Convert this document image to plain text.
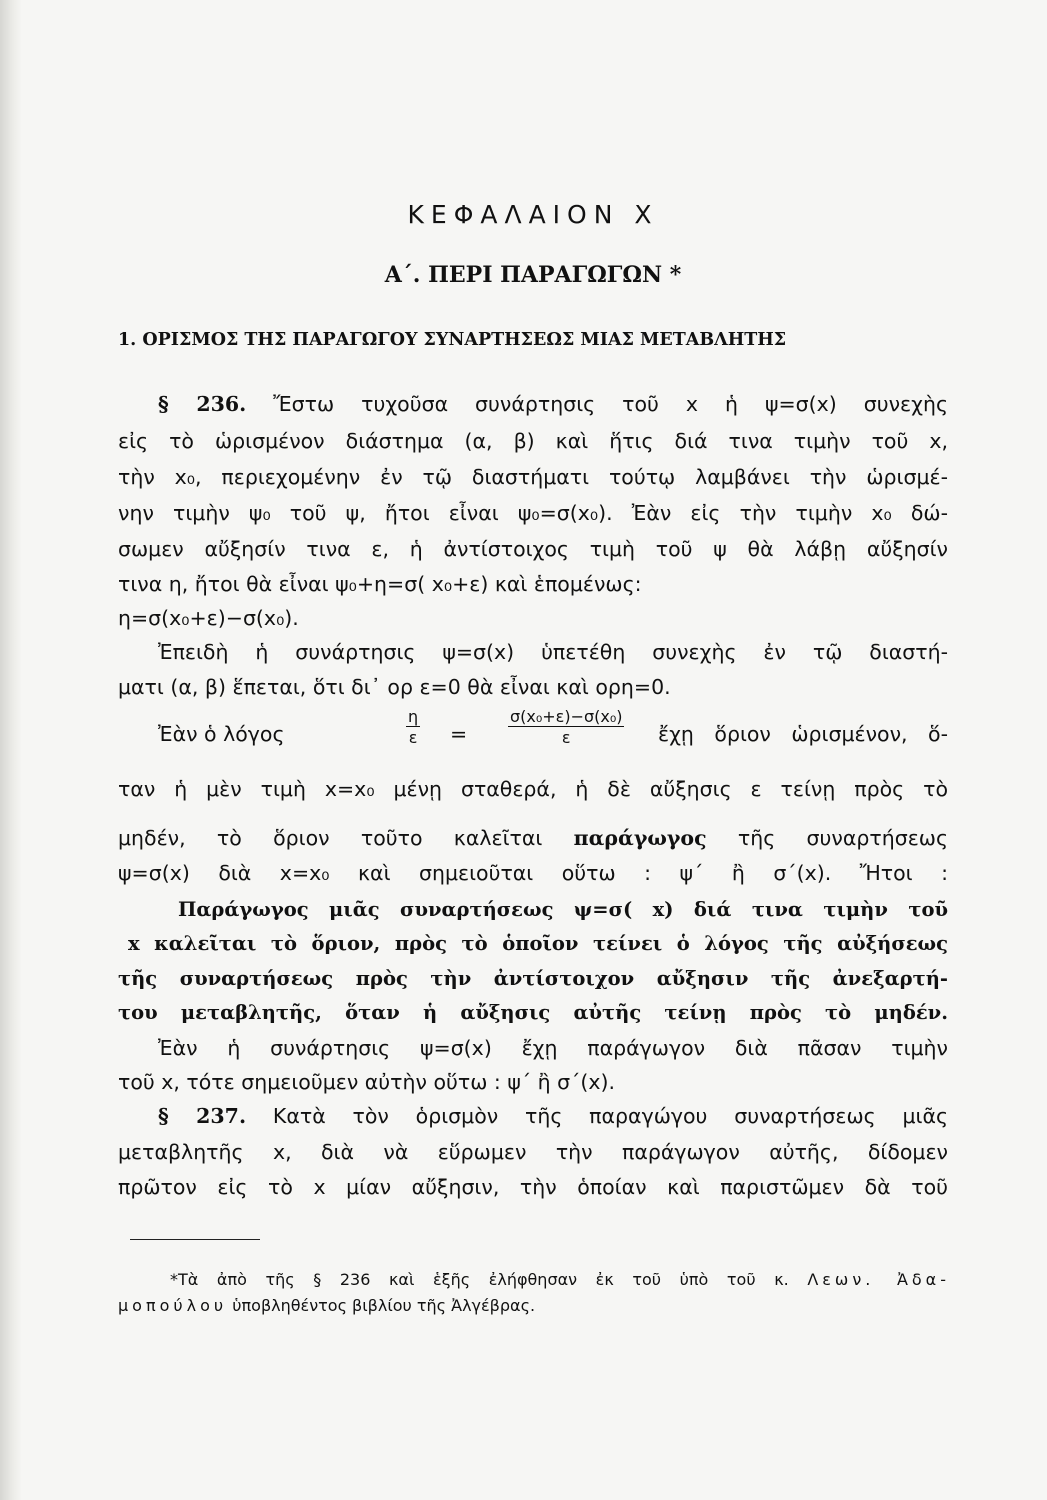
ΚΕΦΑΛΑΙΟΝ Χ
Α΄. ΠΕΡΙ ΠΑΡΑΓΩΓΩΝ *
1. ΟΡΙΣΜΟΣ ΤΗΣ ΠΑΡΑΓΩΓΟΥ ΣΥΝΑΡΤΗΣΕΩΣ ΜΙΑΣ ΜΕΤΑΒΛΗΤΗΣ
§ 236. Ἔστω τυχοῦσα συνάρτησις τοῦ x ἡ ψ=σ(x) συνεχὴς
εἰς τὸ ὡρισμένον διάστημα (α, β) καὶ ἥτις διά τινα τιμὴν τοῦ x,
τὴν x₀, περιεχομένην ἐν τῷ διαστήματι τούτῳ λαμβάνει τὴν ὡρισμέ-
νην τιμὴν ψ₀ τοῦ ψ, ἤτοι εἶναι ψ₀=σ(x₀). Ἐὰν εἰς τὴν τιμὴν x₀ δώ-
σωμεν αὔξησίν τινα ε, ἡ ἀντίστοιχος τιμὴ τοῦ ψ θὰ λάβῃ αὔξησίν
τινα η, ἤτοι θὰ εἶναι ψ₀+η=σ( x₀+ε) καὶ ἑπομένως:
η=σ(x₀+ε)−σ(x₀).
Ἐπειδὴ ἡ συνάρτησις ψ=σ(x) ὑπετέθη συνεχὴς ἐν τῷ διαστή-
ματι (α, β) ἕπεται, ὅτι δι᾽ ορ ε=0 θὰ εἶναι καὶ ορη=0.
Ἐὰν ὁ λόγος	$\frac{\eta}{\varepsilon}$ =	$\frac{\text{σ(x₀+ε)−σ(x₀)}}{\varepsilon}$ ἔχῃ ὅριον ὡρισμένον, ὅ-
ταν ἡ μὲν τιμὴ x=x₀ μένῃ σταθερά, ἡ δὲ αὔξησις ε τείνῃ πρὸς τὸ
μηδέν, τὸ ὅριον τοῦτο καλεῖται παράγωγος τῆς συναρτήσεως
ψ=σ(x) διὰ x=x₀ καὶ σημειοῦται οὕτω : ψ΄ ἢ σ΄(x). Ἤτοι :
Παράγωγος μιᾶς συναρτήσεως ψ=σ( x) διά τινα τιμὴν τοῦ
x καλεῖται τὸ ὅριον, πρὸς τὸ ὁποῖον τείνει ὁ λόγος τῆς αὐξήσεως
τῆς συναρτήσεως πρὸς τὴν ἀντίστοιχον αὔξησιν τῆς ἀνεξαρτή-
του μεταβλητῆς, ὅταν ἡ αὔξησις αὐτῆς τείνῃ πρὸς τὸ μηδέν.
Ἐὰν ἡ συνάρτησις ψ=σ(x) ἔχῃ παράγωγον διὰ πᾶσαν τιμὴν
τοῦ x, τότε σημειοῦμεν αὐτὴν οὕτω : ψ΄ ἢ σ΄(x).
§ 237. Κατὰ τὸν ὁρισμὸν τῆς παραγώγου συναρτήσεως μιᾶς
μεταβλητῆς x, διὰ νὰ εὕρωμεν τὴν παράγωγον αὐτῆς, δίδομεν
πρῶτον εἰς τὸ x μίαν αὔξησιν, τὴν ὁποίαν καὶ παριστῶμεν δὰ τοῦ
*Τὰ ἀπὸ τῆς § 236 καὶ ἑξῆς ἐλήφθησαν ἐκ τοῦ ὑπὸ τοῦ κ. Λεων. Ἀδα-
μοπούλου ὑποβληθέντος βιβλίου τῆς Ἀλγέβρας.
